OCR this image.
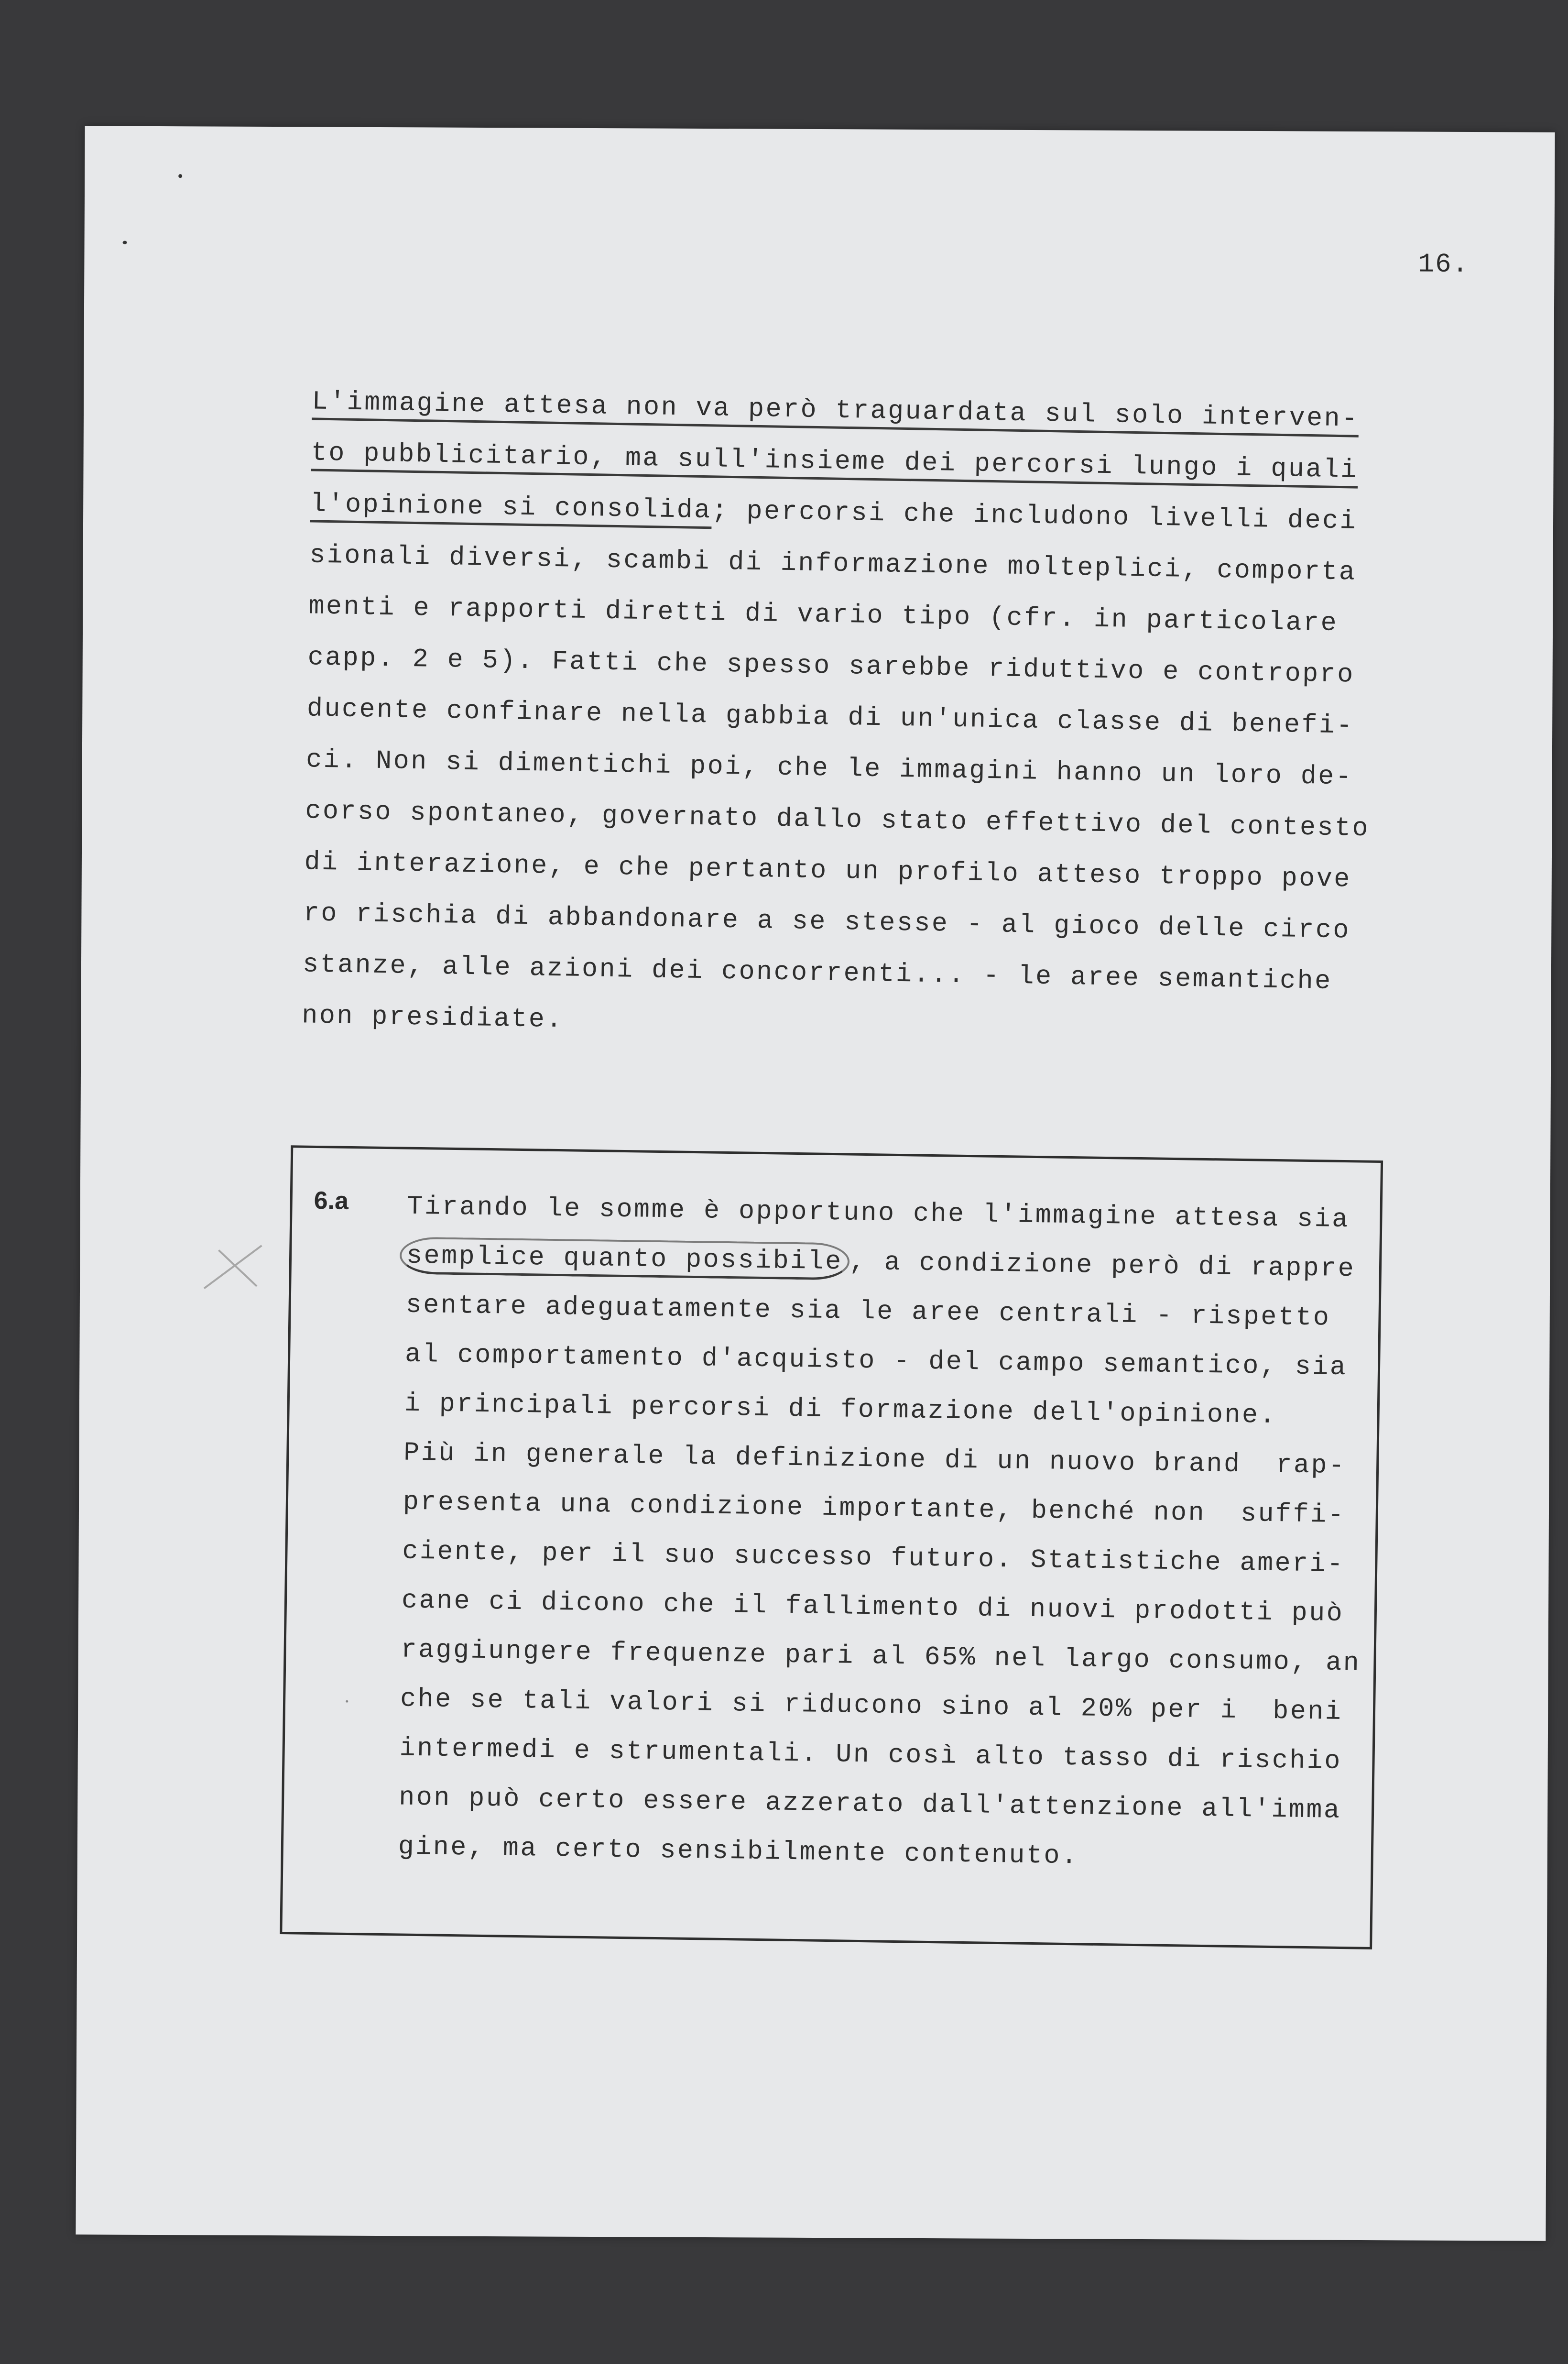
16.
L'immagine attesa non va però traguardata sul solo interven-
to pubblicitario, ma sull'insieme dei percorsi lungo i quali
l'opinione si consolida; percorsi che includono livelli deci
sionali diversi, scambi di informazione molteplici, comporta
menti e rapporti diretti di vario tipo (cfr. in particolare
capp. 2 e 5). Fatti che spesso sarebbe riduttivo e contropro
ducente confinare nella gabbia di un'unica classe di benefi-
ci. Non si dimentichi poi, che le immagini hanno un loro de-
corso spontaneo, governato dallo stato effettivo del contesto
di interazione, e che pertanto un profilo atteso troppo pove
ro rischia di abbandonare a se stesse - al gioco delle circo
stanze, alle azioni dei concorrenti... - le aree semantiche
non presidiate.
6.a Tirando le somme è opportuno che l'immagine attesa sia
semplice quanto possibile , a condizione però di rappre
sentare adeguatamente sia le aree centrali - rispetto
al comportamento d'acquisto - del campo semantico, sia
i principali percorsi di formazione dell'opinione.
Più in generale la definizione di un nuovo brand  rap-
presenta una condizione importante, benché non  suffi-
ciente, per il suo successo futuro. Statistiche ameri-
cane ci dicono che il fallimento di nuovi prodotti può
raggiungere frequenze pari al 65% nel largo consumo, an
che se tali valori si riducono sino al 20% per i  beni
intermedi e strumentali. Un così alto tasso di rischio
non può certo essere azzerato dall'attenzione all'imma
gine, ma certo sensibilmente contenuto.
